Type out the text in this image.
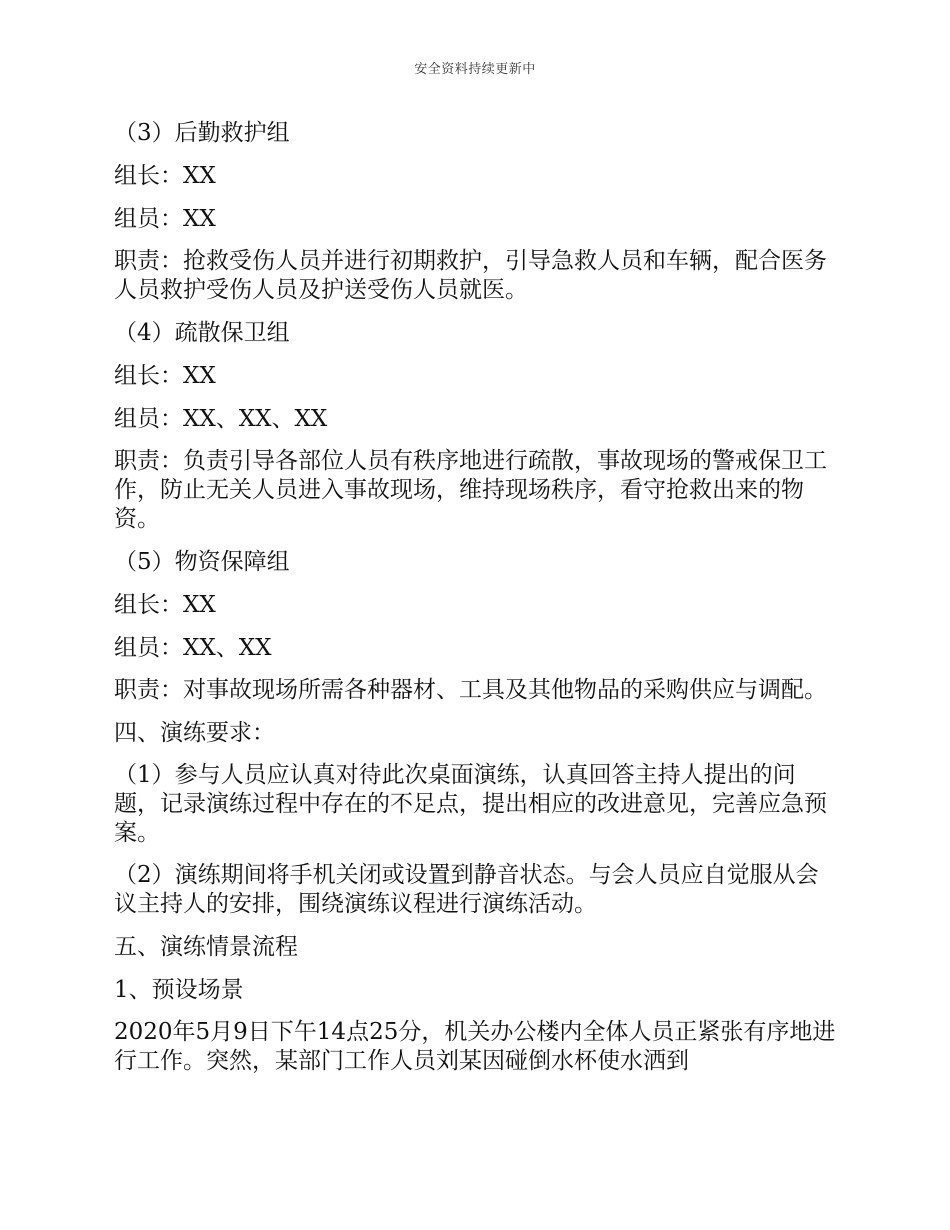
安全资料持续更新中

（3）后勤救护组

组长：XX

组员：XX

职责：抢救受伤人员并进行初期救护，引导急救人员和车辆，配合医务人员救护受伤人员及护送受伤人员就医。

（4）疏散保卫组

组长：XX

组员：XX、XX、XX

职责：负责引导各部位人员有秩序地进行疏散，事故现场的警戒保卫工作，防止无关人员进入事故现场，维持现场秩序，看守抢救出来的物资。

（5）物资保障组

组长：XX

组员：XX、XX

职责：对事故现场所需各种器材、工具及其他物品的采购供应与调配。

四、演练要求：

（1）参与人员应认真对待此次桌面演练，认真回答主持人提出的问题，记录演练过程中存在的不足点，提出相应的改进意见，完善应急预案。

（2）演练期间将手机关闭或设置到静音状态。与会人员应自觉服从会议主持人的安排，围绕演练议程进行演练活动。

五、演练情景流程

1、预设场景

2020年5月9日下午14点25分，机关办公楼内全体人员正紧张有序地进行工作。突然，某部门工作人员刘某因碰倒水杯使水洒到
